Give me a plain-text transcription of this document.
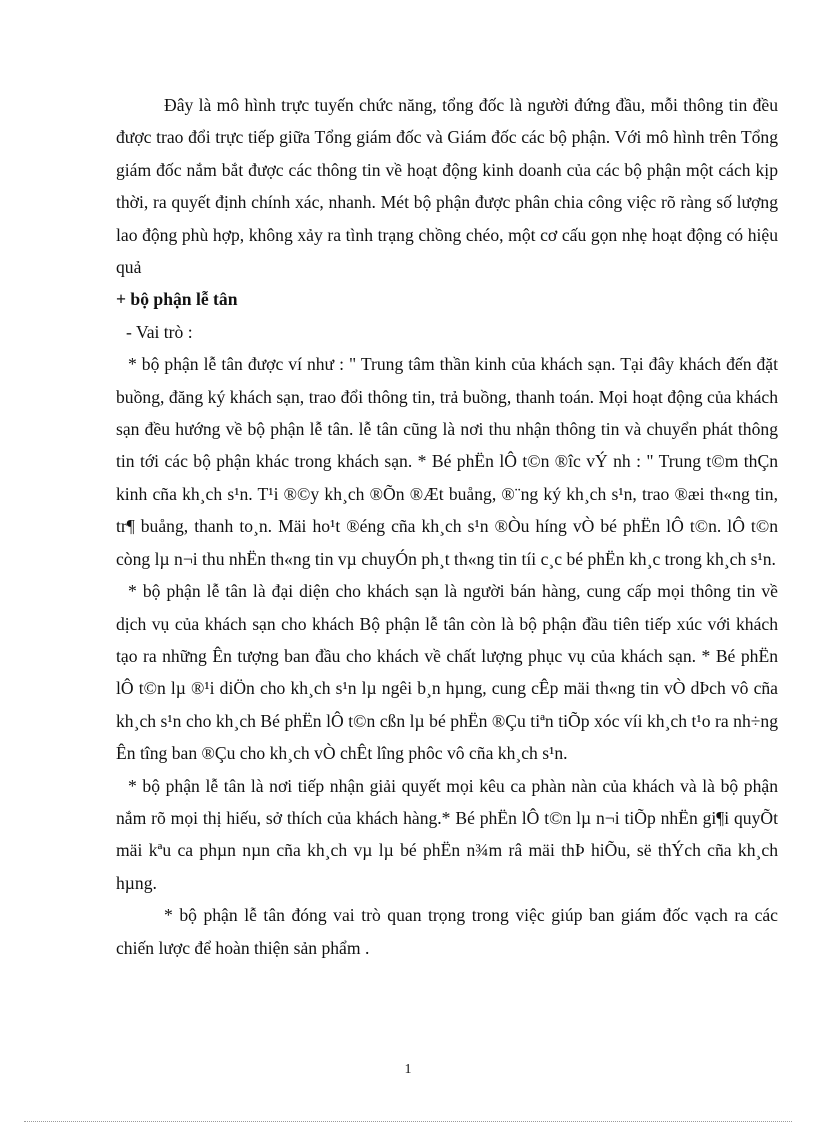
Đây là mô hình trực tuyến chức năng, tổng đốc là người đứng đầu, mỗi thông tin đều được trao đổi trực tiếp giữa Tổng giám đốc và Giám đốc các bộ phận. Với mô hình trên Tổng giám đốc nắm bắt được các thông tin về hoạt động kinh doanh của các bộ phận một cách kịp thời, ra quyết định chính xác, nhanh. Mét bộ phận được phân chia công việc rõ ràng số lượng lao động phù hợp, không xảy ra tình trạng chồng chéo, một cơ cấu gọn nhẹ hoạt động có hiệu quả

+ bộ phận lễ tân

- Vai trò :

* bộ phận lễ tân được ví như : " Trung tâm thần kinh của khách sạn. Tại đây khách đến đặt buồng, đăng ký khách sạn, trao đổi thông tin, trả buồng, thanh toán. Mọi hoạt động của khách sạn đều hướng về bộ phận lễ tân. lễ tân cũng là nơi thu nhận thông tin và chuyển phát thông tin tới các bộ phận khác trong khách sạn. * Bé phËn lÔ t©n ®îc vÝ nh : " Trung t©m thÇn kinh cña kh¸ch s¹n. T¹i ®©y kh¸ch ®Õn ®Æt buång, ®¨ng ký kh¸ch s¹n, trao ®æi th«ng tin, tr¶ buång, thanh to¸n. Mäi ho¹t ®éng cña kh¸ch s¹n ®Òu híng vÒ bé phËn lÔ t©n. lÔ t©n còng lµ n¬i thu nhËn th«ng tin vµ chuyÓn ph¸t th«ng tin tíi c¸c bé phËn kh¸c trong kh¸ch s¹n.

* bộ phận lễ tân là đại diện cho khách sạn là người bán hàng, cung cấp mọi thông tin về dịch vụ của khách sạn cho khách Bộ phận lễ tân còn là bộ phận đầu tiên tiếp xúc với khách tạo ra những Ên tượng ban đầu cho khách về chất lượng phục vụ của khách sạn. * Bé phËn lÔ t©n lµ ®¹i diÖn cho kh¸ch s¹n lµ ngêi b¸n hµng, cung cÊp mäi th«ng tin vÒ dÞch vô cña kh¸ch s¹n cho kh¸ch Bé phËn lÔ t©n cßn lµ bé phËn ®Çu tiªn tiÕp xóc víi kh¸ch t¹o ra nh÷ng Ên tîng ban ®Çu cho kh¸ch vÒ chÊt lîng phôc vô cña kh¸ch s¹n.

* bộ phận lễ tân là nơi tiếp nhận giải quyết mọi kêu ca phàn nàn của khách và là bộ phận nắm rõ mọi thị hiếu, sở thích của khách hàng.* Bé phËn lÔ t©n lµ n¬i tiÕp nhËn gi¶i quyÕt mäi kªu ca phµn nµn cña kh¸ch vµ lµ bé phËn n¾m râ mäi thÞ hiÕu, së thÝch cña kh¸ch hµng.

* bộ phận lễ tân đóng vai trò quan trọng trong việc giúp ban giám đốc vạch ra các chiến lược để hoàn thiện sản phẩm .

1
